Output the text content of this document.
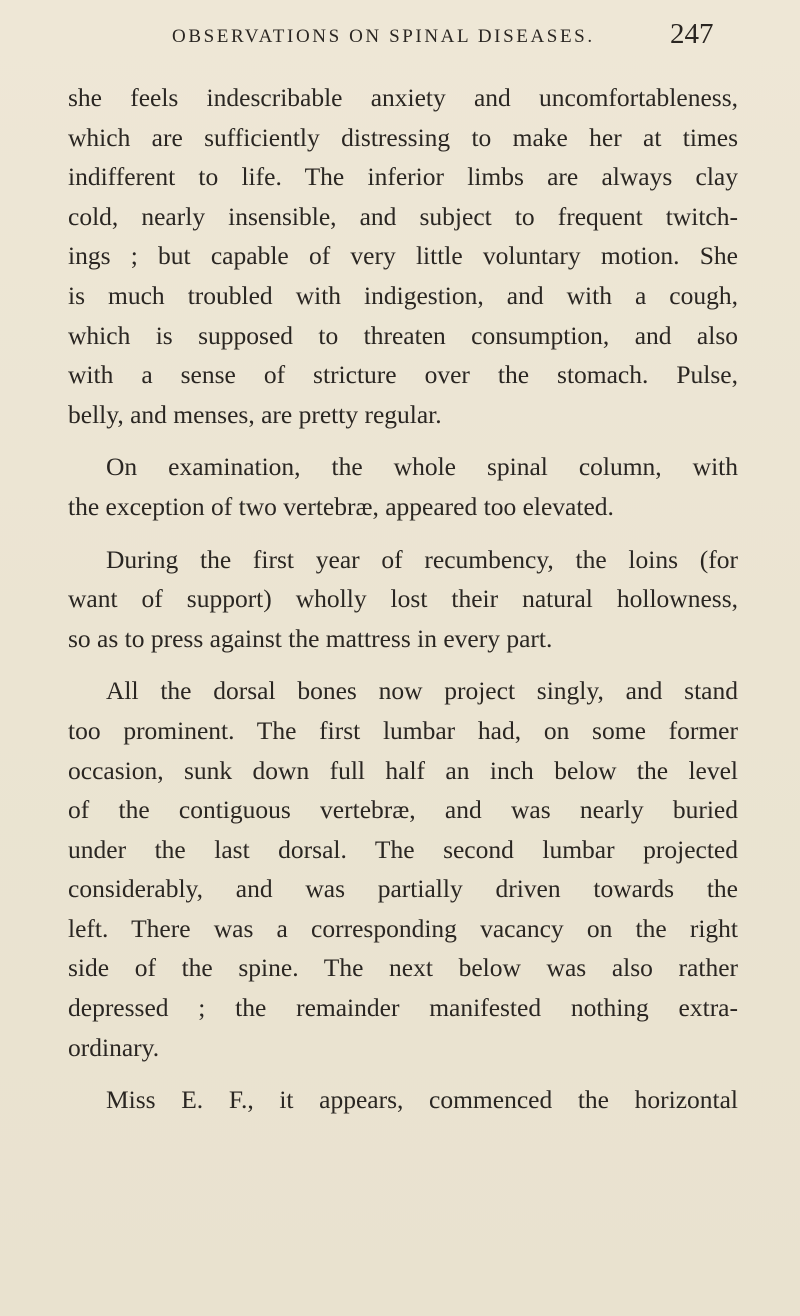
OBSERVATIONS ON SPINAL DISEASES.	247
she feels indescribable anxiety and uncomfortableness,
which are sufficiently distressing to make her at times
indifferent to life. The inferior limbs are always clay
cold, nearly insensible, and subject to frequent twitch-
ings ; but capable of very little voluntary motion. She
is much troubled with indigestion, and with a cough,
which is supposed to threaten consumption, and also
with a sense of stricture over the stomach. Pulse,
belly, and menses, are pretty regular.
On examination, the whole spinal column, with
the exception of two vertebræ, appeared too elevated.
During the first year of recumbency, the loins (for
want of support) wholly lost their natural hollowness,
so as to press against the mattress in every part.
All the dorsal bones now project singly, and stand
too prominent. The first lumbar had, on some former
occasion, sunk down full half an inch below the level
of the contiguous vertebræ, and was nearly buried
under the last dorsal. The second lumbar projected
considerably, and was partially driven towards the
left. There was a corresponding vacancy on the right
side of the spine. The next below was also rather
depressed ; the remainder manifested nothing extra-
ordinary.
Miss E. F., it appears, commenced the horizontal
